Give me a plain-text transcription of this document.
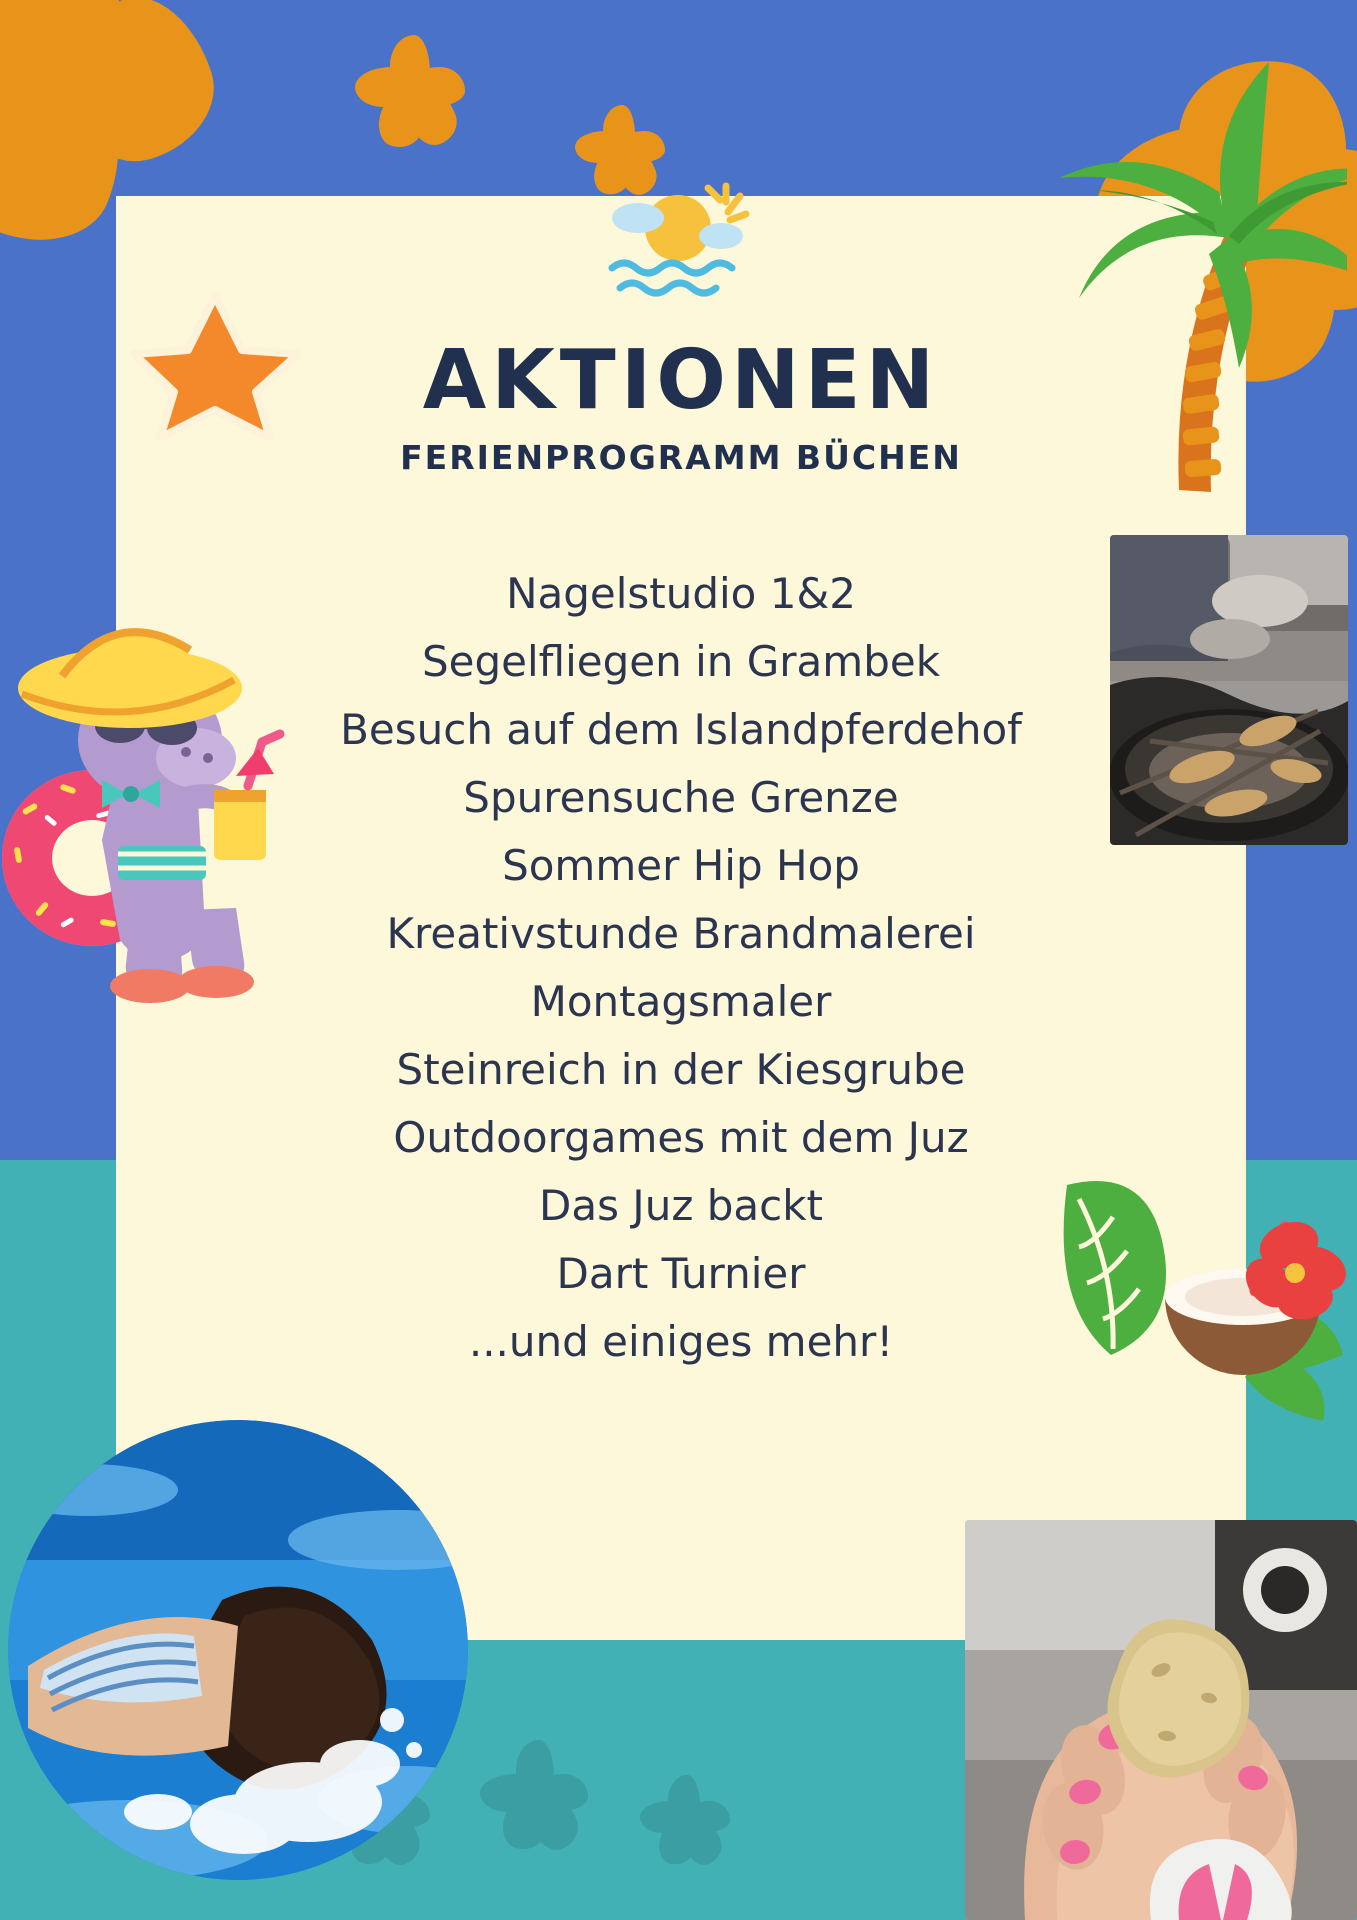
AKTIONEN
FERIENPROGRAMM BÜCHEN
Nagelstudio 1&2
Segelfliegen in Grambek
Besuch auf dem Islandpferdehof
Spurensuche Grenze
Sommer Hip Hop
Kreativstunde Brandmalerei
Montagsmaler
Steinreich in der Kiesgrube
Outdoorgames mit dem Juz
Das Juz backt
Dart Turnier
...und einiges mehr!
